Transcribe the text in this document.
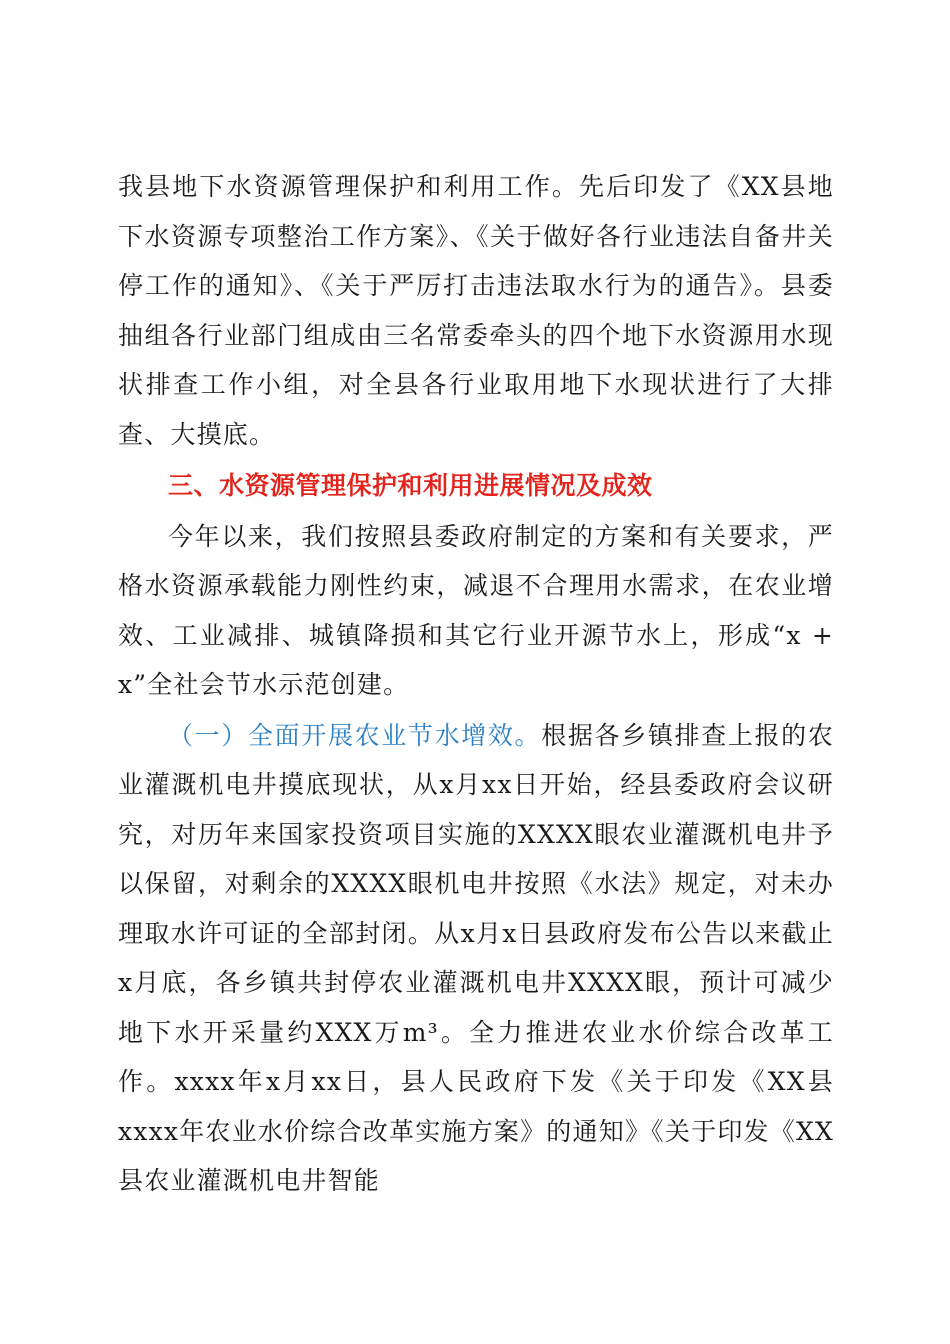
我县地下水资源管理保护和利用工作。先后印发了《XX县地下水资源专项整治工作方案》、《关于做好各行业违法自备井关停工作的通知》、《关于严厉打击违法取水行为的通告》。县委抽组各行业部门组成由三名常委牵头的四个地下水资源用水现状排查工作小组，对全县各行业取用地下水现状进行了大排查、大摸底。

三、水资源管理保护和利用进展情况及成效

今年以来，我们按照县委政府制定的方案和有关要求，严格水资源承载能力刚性约束，减退不合理用水需求，在农业增效、工业减排、城镇降损和其它行业开源节水上，形成“x + x”全社会节水示范创建。

（一）全面开展农业节水增效。根据各乡镇排查上报的农业灌溉机电井摸底现状，从x月xx日开始，经县委政府会议研究，对历年来国家投资项目实施的XXXX眼农业灌溉机电井予以保留，对剩余的XXXX眼机电井按照《水法》规定，对未办理取水许可证的全部封闭。从x月x日县政府发布公告以来截止x月底，各乡镇共封停农业灌溉机电井XXXX眼，预计可减少地下水开采量约XXX万m³。全力推进农业水价综合改革工作。xxxx年x月xx日，县人民政府下发《关于印发《XX县xxxx年农业水价综合改革实施方案》的通知》《关于印发《XX县农业灌溉机电井智能
